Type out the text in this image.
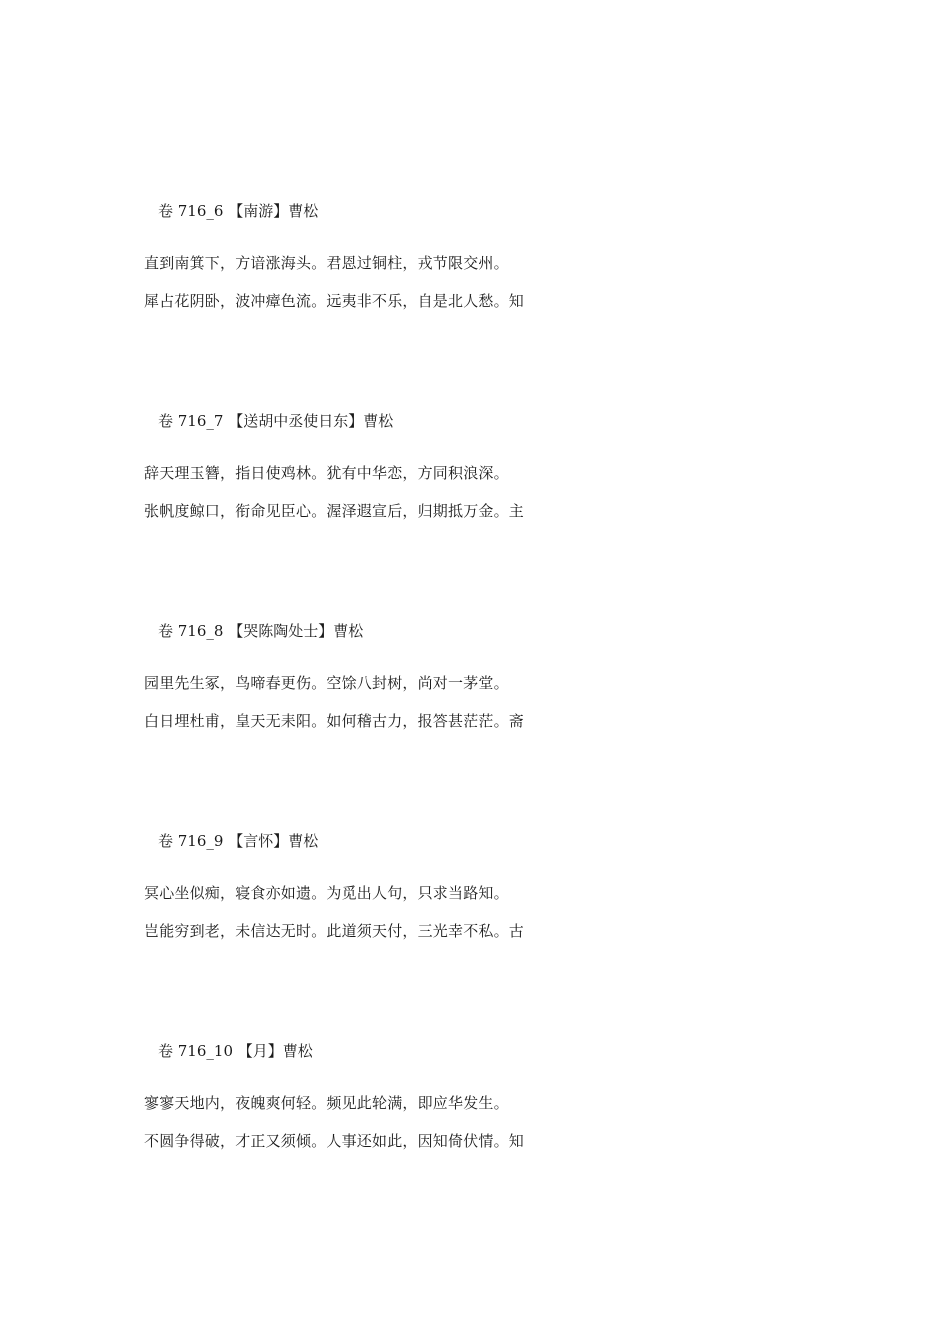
卷 716_6 【南游】曹松
直到南箕下，方谙涨海头。君恩过铜柱，戎节限交州。
犀占花阴卧，波冲瘴色流。远夷非不乐，自是北人愁。知
卷 716_7 【送胡中丞使日东】曹松
辞天理玉簪，指日使鸡林。犹有中华恋，方同积浪深。
张帆度鲸口，衔命见臣心。渥泽遐宣后，归期抵万金。主
卷 716_8 【哭陈陶处士】曹松
园里先生冢，鸟啼春更伤。空馀八封树，尚对一茅堂。
白日埋杜甫，皇天无耒阳。如何稽古力，报答甚茫茫。斋
卷 716_9 【言怀】曹松
冥心坐似痴，寝食亦如遗。为觅出人句，只求当路知。
岂能穷到老，未信达无时。此道须天付，三光幸不私。古
卷 716_10 【月】曹松
寥寥天地内，夜魄爽何轻。频见此轮满，即应华发生。
不圆争得破，才正又须倾。人事还如此，因知倚伏情。知
